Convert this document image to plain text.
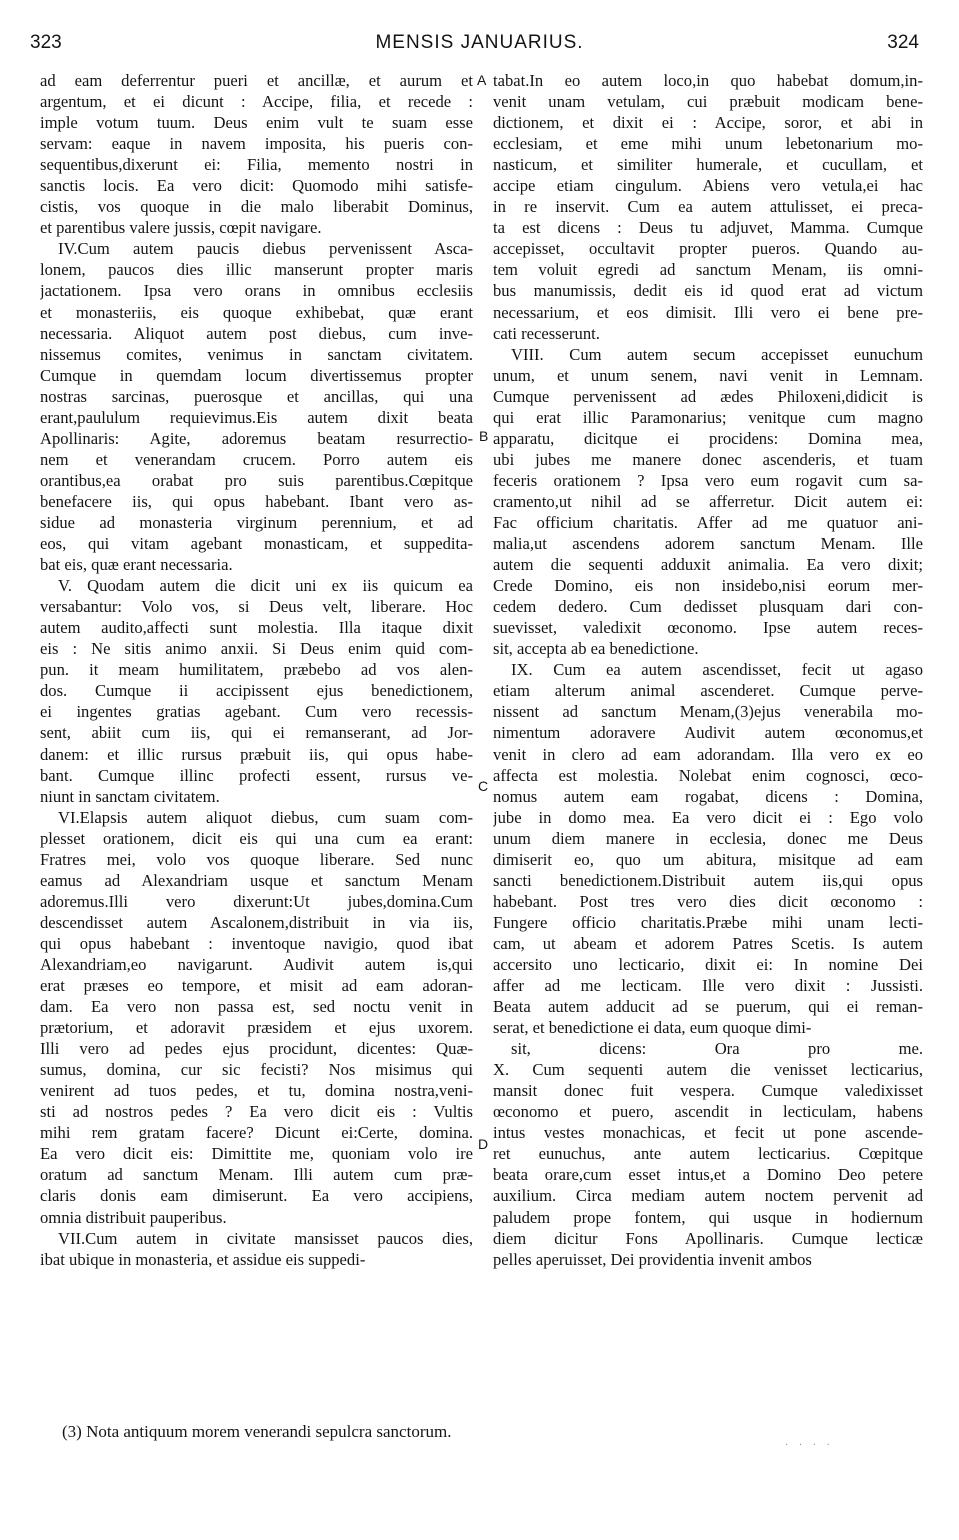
323	MENSIS JANUARIUS.	324
ad eam deferrentur pueri et ancillæ, et aurum et
argentum, et ei dicunt : Accipe, filia, et recede :
imple votum tuum. Deus enim vult te suam esse
servam: eaque in navem imposita, his pueris con-
sequentibus,dixerunt ei: Filia, memento nostri in
sanctis locis. Ea vero dicit: Quomodo mihi satisfe-
cistis, vos quoque in die malo liberabit Dominus,
et parentibus valere jussis, cœpit navigare.
IV.Cum autem paucis diebus pervenissent Asca-
lonem, paucos dies illic manserunt propter maris
jactationem. Ipsa vero orans in omnibus ecclesiis
et monasteriis, eis quoque exhibebat, quæ erant
necessaria. Aliquot autem post diebus, cum inve-
nissemus comites, venimus in sanctam civitatem.
Cumque in quemdam locum divertissemus propter
nostras sarcinas, puerosque et ancillas, qui una
erant,paululum requievimus.Eis autem dixit beata
Apollinaris: Agite, adoremus beatam resurrectio-
nem et venerandam crucem. Porro autem eis
orantibus,ea orabat pro suis parentibus.Cœpitque
benefacere iis, qui opus habebant. Ibant vero as-
sidue ad monasteria virginum perennium, et ad
eos, qui vitam agebant monasticam, et suppedita-
bat eis, quæ erant necessaria.
V. Quodam autem die dicit uni ex iis quicum ea
versabantur: Volo vos, si Deus velt, liberare. Hoc
autem audito,affecti sunt molestia. Illa itaque dixit
eis : Ne sitis animo anxii. Si Deus enim quid com-
pun. it meam humilitatem, præbebo ad vos alen-
dos. Cumque ii accipissent ejus benedictionem,
ei ingentes gratias agebant. Cum vero recessis-
sent, abiit cum iis, qui ei remanserant, ad Jor-
danem: et illic rursus præbuit iis, qui opus habe-
bant. Cumque illinc profecti essent, rursus ve-
niunt in sanctam civitatem.
VI.Elapsis autem aliquot diebus, cum suam com-
plesset orationem, dicit eis qui una cum ea erant:
Fratres mei, volo vos quoque liberare. Sed nunc
eamus ad Alexandriam usque et sanctum Menam
adoremus.Illi vero dixerunt:Ut jubes,domina.Cum
descendisset autem Ascalonem,distribuit in via iis,
qui opus habebant : inventoque navigio, quod ibat
Alexandriam,eo navigarunt. Audivit autem is,qui
erat præses eo tempore, et misit ad eam adoran-
dam. Ea vero non passa est, sed noctu venit in
prætorium, et adoravit præsidem et ejus uxorem.
Illi vero ad pedes ejus procidunt, dicentes: Quæ-
sumus, domina, cur sic fecisti? Nos misimus qui
venirent ad tuos pedes, et tu, domina nostra,veni-
sti ad nostros pedes ? Ea vero dicit eis : Vultis
mihi rem gratam facere? Dicunt ei:Certe, domina.
Ea vero dicit eis: Dimittite me, quoniam volo ire
oratum ad sanctum Menam. Illi autem cum præ-
claris donis eam dimiserunt. Ea vero accipiens,
omnia distribuit pauperibus.
VII.Cum autem in civitate mansisset paucos dies,
ibat ubique in monasteria, et assidue eis suppedi-
tabat.In eo autem loco,in quo habebat domum,in-
venit unam vetulam, cui præbuit modicam bene-
dictionem, et dixit ei : Accipe, soror, et abi in
ecclesiam, et eme mihi unum lebetonarium mo-
nasticum, et similiter humerale, et cucullam, et
accipe etiam cingulum. Abiens vero vetula,ei hac
in re inservit. Cum ea autem attulisset, ei preca-
ta est dicens : Deus tu adjuvet, Mamma. Cumque
accepisset, occultavit propter pueros. Quando au-
tem voluit egredi ad sanctum Menam, iis omni-
bus manumissis, dedit eis id quod erat ad victum
necessarium, et eos dimisit. Illi vero ei bene pre-
cati recesserunt.
VIII. Cum autem secum accepisset eunuchum
unum, et unum senem, navi venit in Lemnam.
Cumque pervenissent ad ædes Philoxeni,didicit is
qui erat illic Paramonarius; venitque cum magno
apparatu, dicitque ei procidens: Domina mea,
ubi jubes me manere donec ascenderis, et tuam
feceris orationem ? Ipsa vero eum rogavit cum sa-
cramento,ut nihil ad se afferretur. Dicit autem ei:
Fac officium charitatis. Affer ad me quatuor ani-
malia,ut ascendens adorem sanctum Menam. Ille
autem die sequenti adduxit animalia. Ea vero dixit;
Crede Domino, eis non insidebo,nisi eorum mer-
cedem dedero. Cum dedisset plusquam dari con-
suevisset, valedixit œconomo. Ipse autem reces-
sit, accepta ab ea benedictione.
IX. Cum ea autem ascendisset, fecit ut agaso
etiam alterum animal ascenderet. Cumque perve-
nissent ad sanctum Menam,(3)ejus venerabila mo-
nimentum adoravere Audivit autem œconomus,et
venit in clero ad eam adorandam. Illa vero ex eo
affecta est molestia. Nolebat enim cognosci, œco-
nomus autem eam rogabat, dicens : Domina,
jube in domo mea. Ea vero dicit ei : Ego volo
unum diem manere in ecclesia, donec me Deus
dimiserit eo, quo um abitura, misitque ad eam
sancti benedictionem.Distribuit autem iis,qui opus
habebant. Post tres vero dies dicit œconomo :
Fungere officio charitatis.Præbe mihi unam lecti-
cam, ut abeam et adorem Patres Scetis. Is autem
accersito uno lecticario, dixit ei: In nomine Dei
affer ad me lecticam. Ille vero dixit : Jussisti.
Beata autem adducit ad se puerum, qui ei reman-
serat, et benedictione ei data, eum quoque dimi-
sit, dicens: Ora pro me.
X. Cum sequenti autem die venisset lecticarius,
mansit donec fuit vespera. Cumque valedixisset
œconomo et puero, ascendit in lecticulam, habens
intus vestes monachicas, et fecit ut pone ascende-
ret eunuchus, ante autem lecticarius. Cœpitque
beata orare,cum esset intus,et a Domino Deo petere
auxilium. Circa mediam autem noctem pervenit ad
paludem prope fontem, qui usque in hodiernum
diem dicitur Fons Apollinaris. Cumque lecticæ
pelles aperuisset, Dei providentia invenit ambos
A
B
C
D
(3) Nota antiquum morem venerandi sepulcra sanctorum.
· · · ·
